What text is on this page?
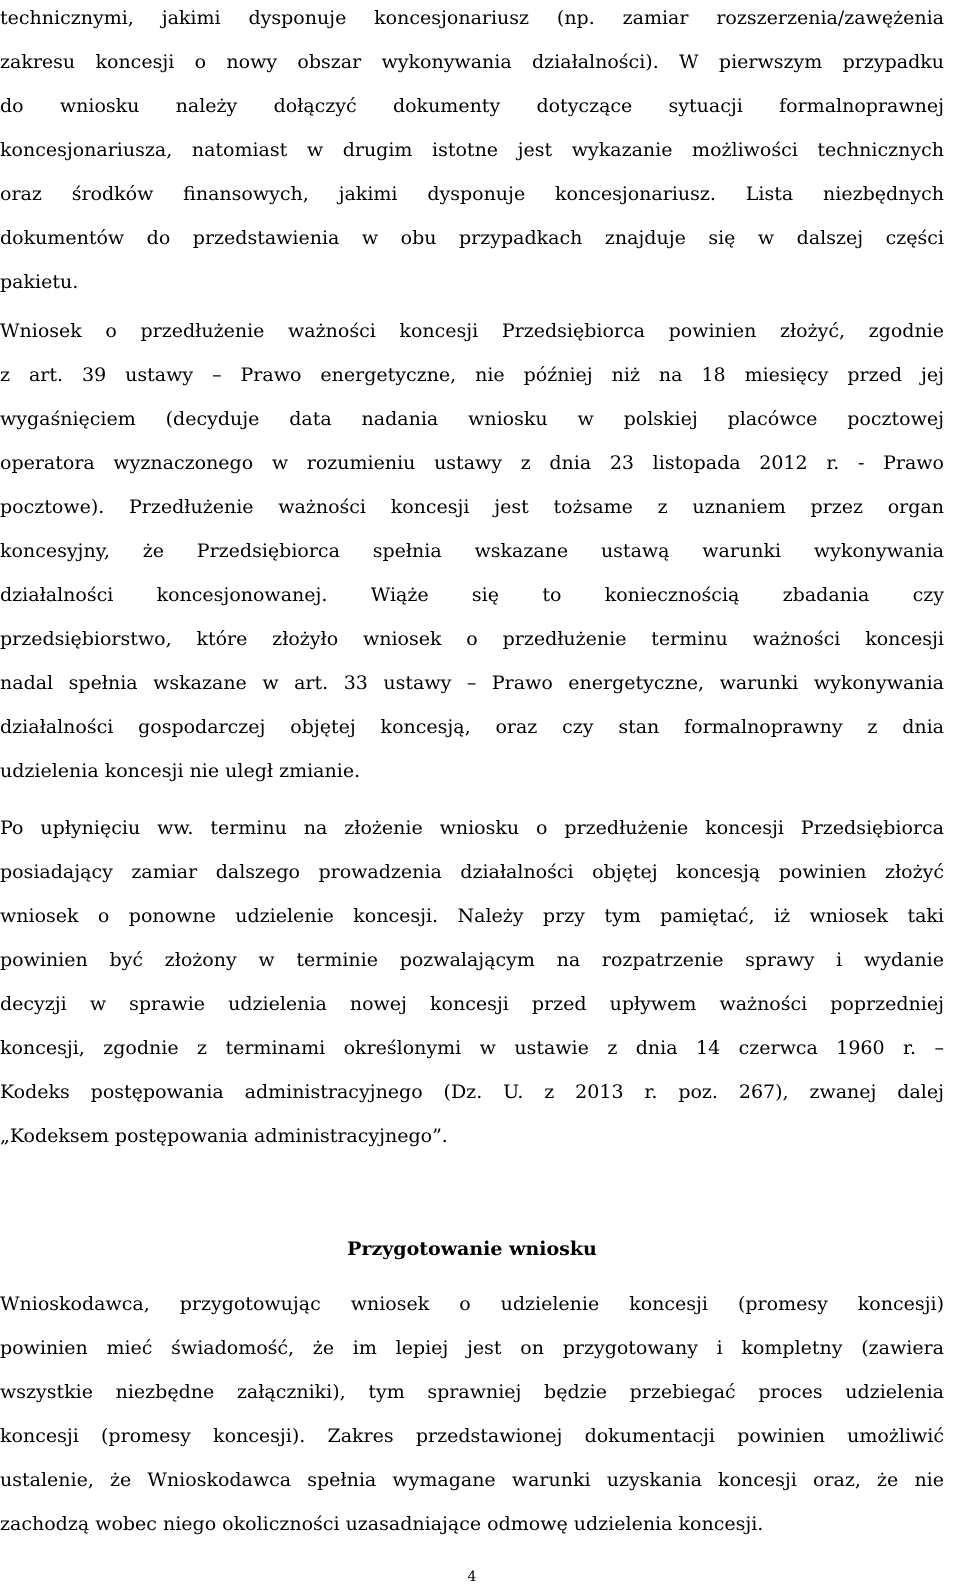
technicznymi, jakimi dysponuje koncesjonariusz (np. zamiar rozszerzenia/zawężenia
zakresu koncesji o nowy obszar wykonywania działalności). W pierwszym przypadku
do wniosku należy dołączyć dokumenty dotyczące sytuacji formalnoprawnej
koncesjonariusza, natomiast w drugim istotne jest wykazanie możliwości technicznych
oraz środków finansowych, jakimi dysponuje koncesjonariusz. Lista niezbędnych
dokumentów do przedstawienia w obu przypadkach znajduje się w dalszej części
pakietu.
Wniosek o przedłużenie ważności koncesji Przedsiębiorca powinien złożyć, zgodnie
z art. 39 ustawy – Prawo energetyczne, nie później niż na 18 miesięcy przed jej
wygaśnięciem (decyduje data nadania wniosku w polskiej placówce pocztowej
operatora wyznaczonego w rozumieniu ustawy z dnia 23 listopada 2012 r. - Prawo
pocztowe). Przedłużenie ważności koncesji jest tożsame z uznaniem przez organ
koncesyjny, że Przedsiębiorca spełnia wskazane ustawą warunki wykonywania
działalności koncesjonowanej. Wiąże się to koniecznością zbadania czy
przedsiębiorstwo, które złożyło wniosek o przedłużenie terminu ważności koncesji
nadal spełnia wskazane w art. 33 ustawy – Prawo energetyczne, warunki wykonywania
działalności gospodarczej objętej koncesją, oraz czy stan formalnoprawny z dnia
udzielenia koncesji nie uległ zmianie.
Po upłynięciu ww. terminu na złożenie wniosku o przedłużenie koncesji Przedsiębiorca
posiadający zamiar dalszego prowadzenia działalności objętej koncesją powinien złożyć
wniosek o ponowne udzielenie koncesji. Należy przy tym pamiętać, iż wniosek taki
powinien być złożony w terminie pozwalającym na rozpatrzenie sprawy i wydanie
decyzji w sprawie udzielenia nowej koncesji przed upływem ważności poprzedniej
koncesji, zgodnie z terminami określonymi w ustawie z dnia 14 czerwca 1960 r. –
Kodeks postępowania administracyjnego (Dz. U. z 2013 r. poz. 267), zwanej dalej
„Kodeksem postępowania administracyjnego”.
Przygotowanie wniosku
Wnioskodawca, przygotowując wniosek o udzielenie koncesji (promesy koncesji)
powinien mieć świadomość, że im lepiej jest on przygotowany i kompletny (zawiera
wszystkie niezbędne załączniki), tym sprawniej będzie przebiegać proces udzielenia
koncesji (promesy koncesji). Zakres przedstawionej dokumentacji powinien umożliwić
ustalenie, że Wnioskodawca spełnia wymagane warunki uzyskania koncesji oraz, że nie
zachodzą wobec niego okoliczności uzasadniające odmowę udzielenia koncesji.
4
